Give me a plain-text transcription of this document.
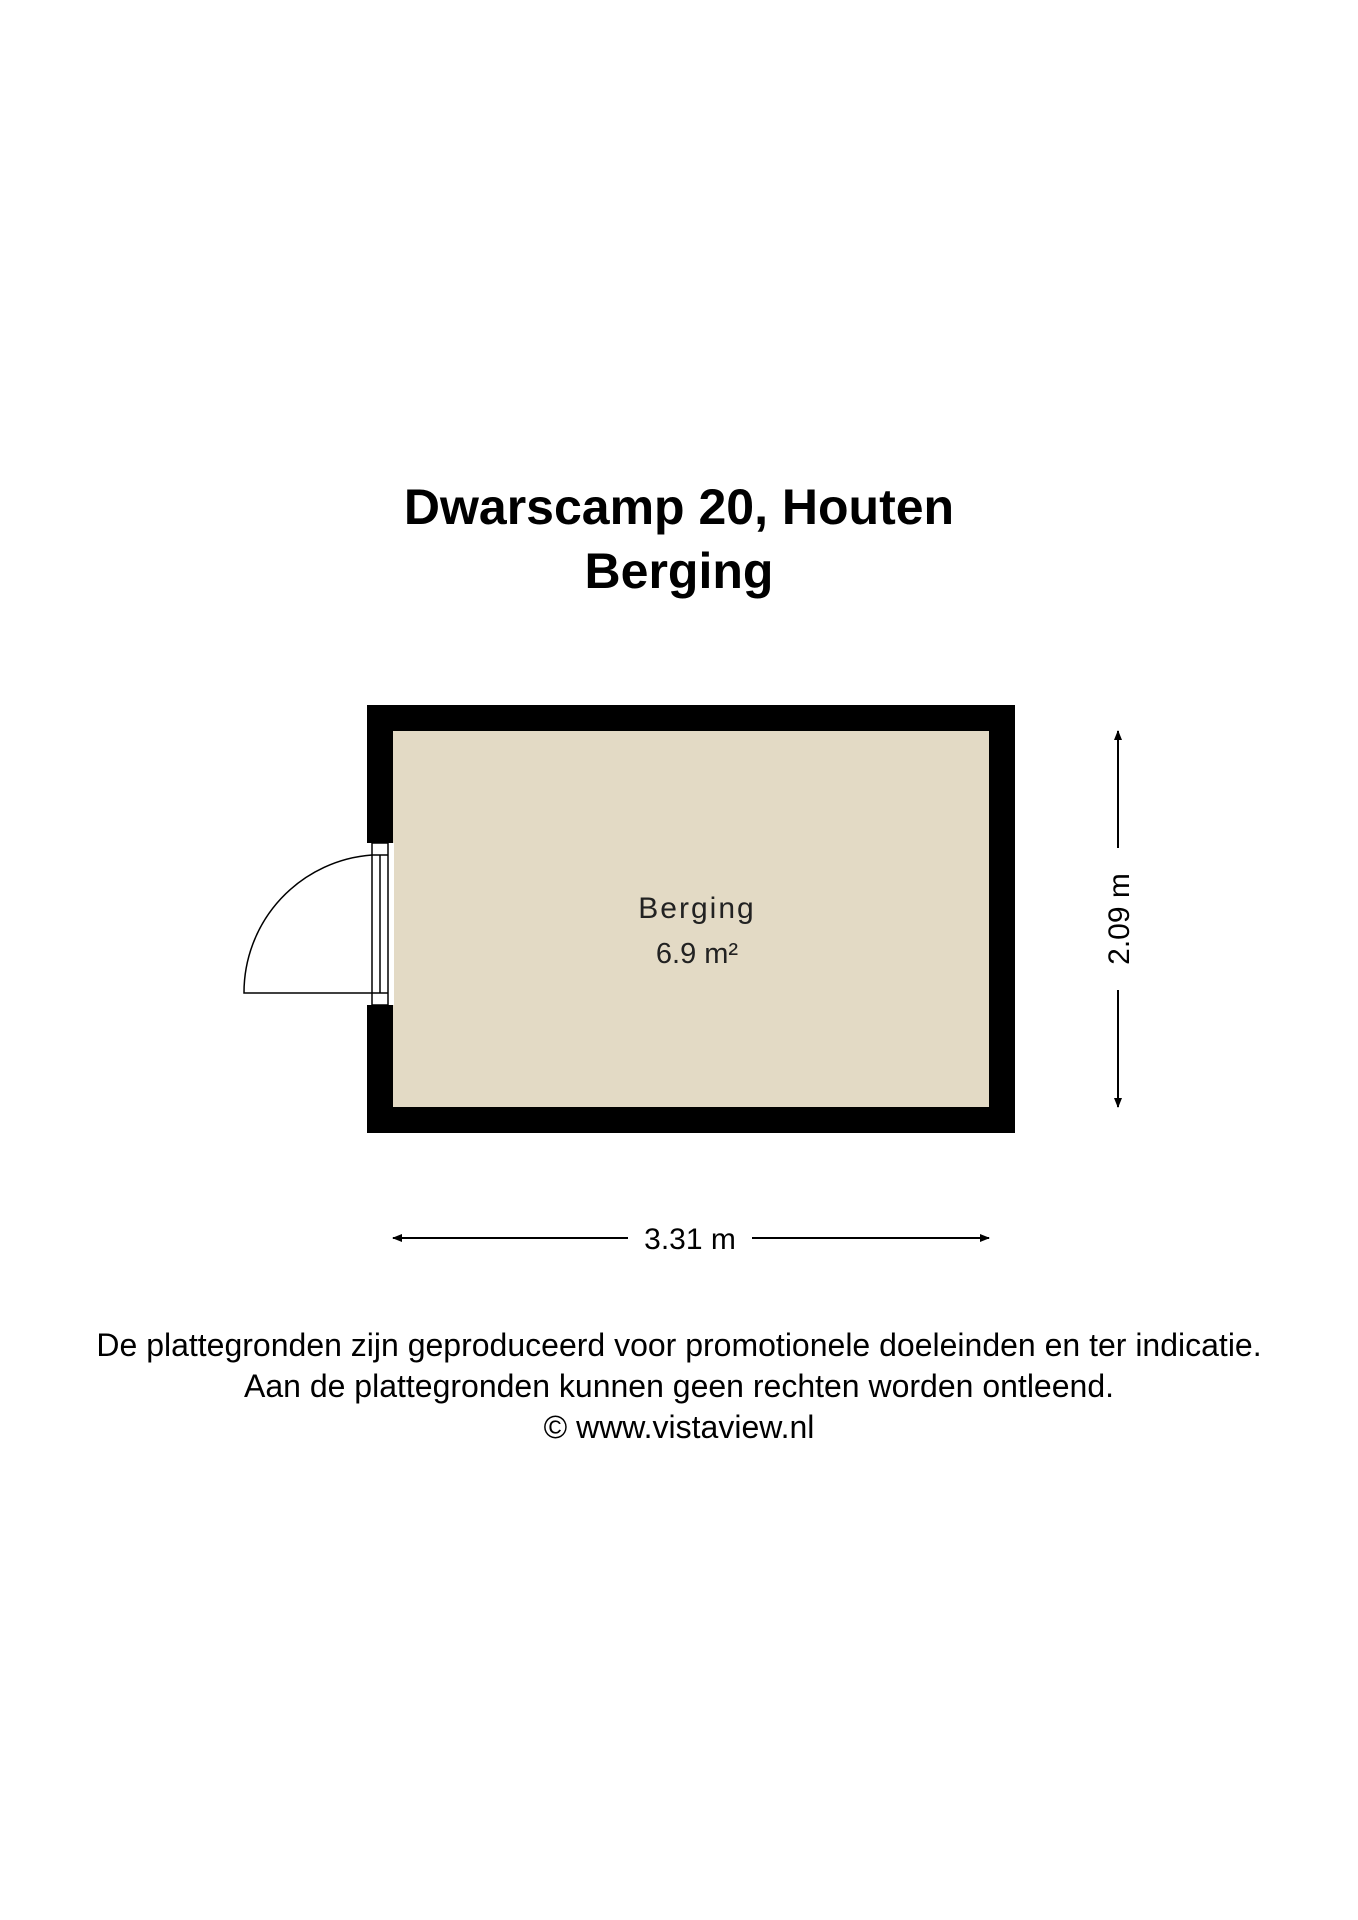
Dwarscamp 20, Houten
Berging
Berging
6.9 m²
3.31 m
2.09 m
De plattegronden zijn geproduceerd voor promotionele doeleinden en ter indicatie.
Aan de plattegronden kunnen geen rechten worden ontleend.
© www.vistaview.nl
